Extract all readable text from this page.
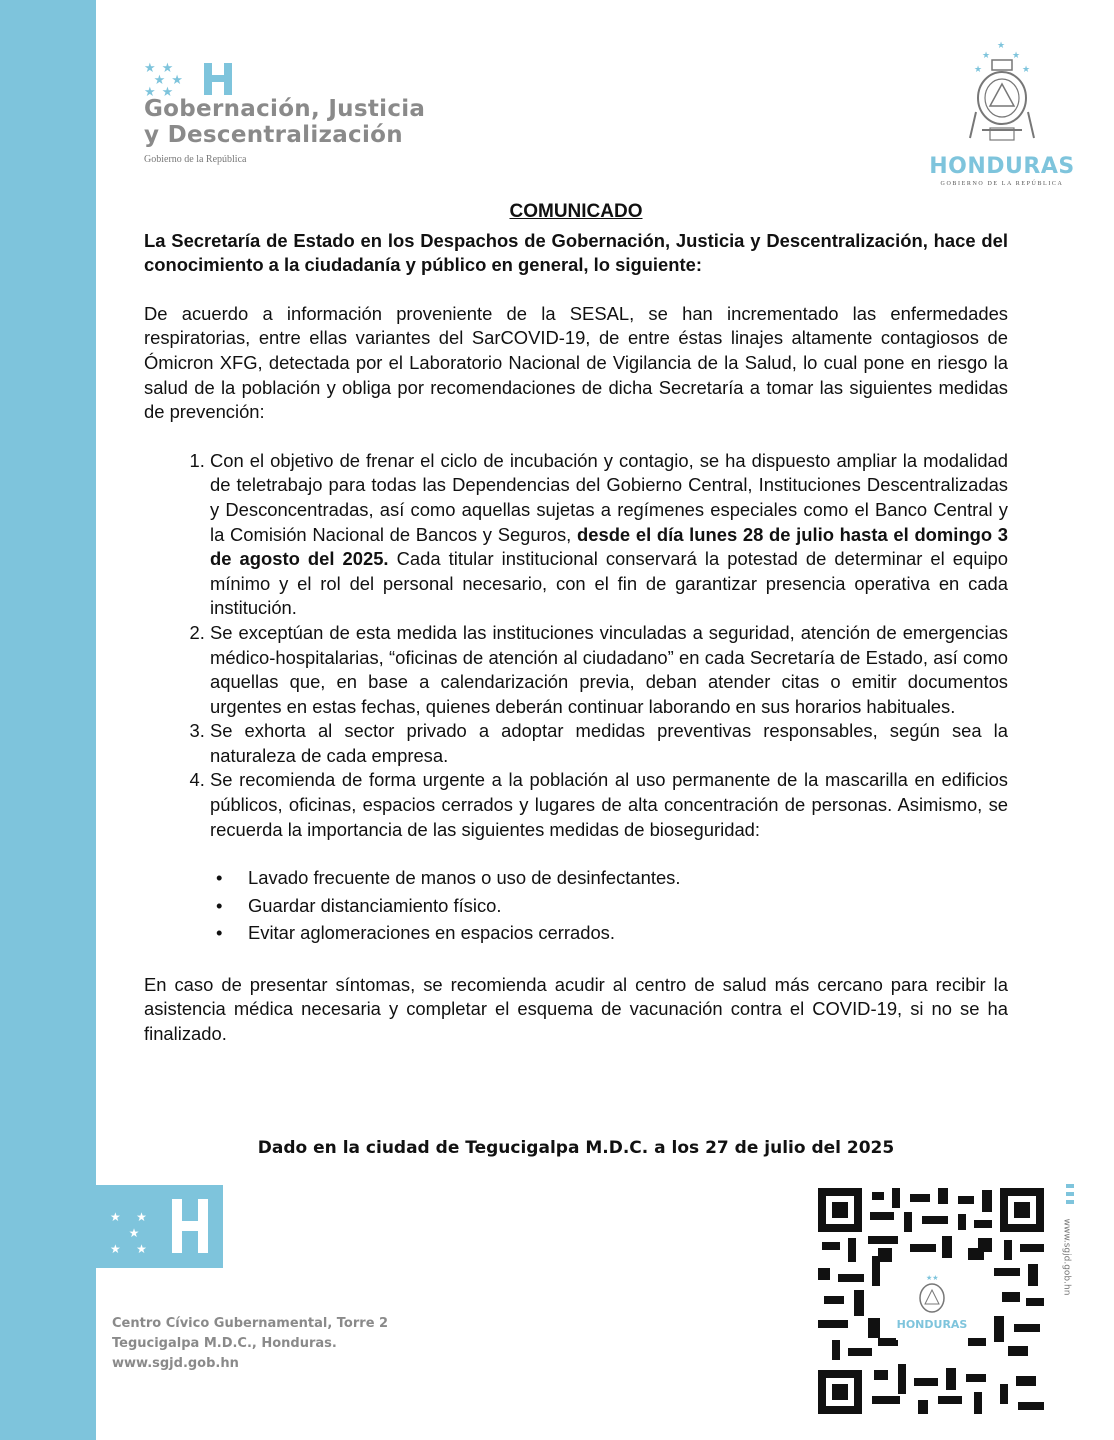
★★
★★
★★
Gobernación, Justicia
y Descentralización
Gobierno de la República
★
★ ★
★	★
HONDURAS
GOBIERNO DE LA REPÚBLICA
COMUNICADO

La Secretaría de Estado en los Despachos de Gobernación, Justicia y Descentralización, hace del conocimiento a la ciudadanía y público en general, lo siguiente:

De acuerdo a información proveniente de la SESAL, se han incrementado las enfermedades respiratorias, entre ellas variantes del SarCOVID-19, de entre éstas linajes altamente contagiosos de Ómicron XFG, detectada por el Laboratorio Nacional de Vigilancia de la Salud, lo cual pone en riesgo la salud de la población y obliga por recomendaciones de dicha Secretaría a tomar las siguientes medidas de prevención:

1. Con el objetivo de frenar el ciclo de incubación y contagio, se ha dispuesto ampliar la modalidad de teletrabajo para todas las Dependencias del Gobierno Central, Instituciones Descentralizadas y Desconcentradas, así como aquellas sujetas a regímenes especiales como el Banco Central y la Comisión Nacional de Bancos y Seguros, desde el día lunes 28 de julio hasta el domingo 3 de agosto del 2025. Cada titular institucional conservará la potestad de determinar el equipo mínimo y el rol del personal necesario, con el fin de garantizar presencia operativa en cada institución.
2. Se exceptúan de esta medida las instituciones vinculadas a seguridad, atención de emergencias médico-hospitalarias, “oficinas de atención al ciudadano” en cada Secretaría de Estado, así como aquellas que, en base a calendarización previa, deban atender citas o emitir documentos urgentes en estas fechas, quienes deberán continuar laborando en sus horarios habituales.
3. Se exhorta al sector privado a adoptar medidas preventivas responsables, según sea la naturaleza de cada empresa.
4. Se recomienda de forma urgente a la población al uso permanente de la mascarilla en edificios públicos, oficinas, espacios cerrados y lugares de alta concentración de personas. Asimismo, se recuerda la importancia de las siguientes medidas de bioseguridad:
• Lavado frecuente de manos o uso de desinfectantes.
• Guardar distanciamiento físico.
• Evitar aglomeraciones en espacios cerrados.

En caso de presentar síntomas, se recomienda acudir al centro de salud más cercano para recibir la asistencia médica necesaria y completar el esquema de vacunación contra el COVID-19, si no se ha finalizado.

Dado en la ciudad de Tegucigalpa M.D.C. a los 27 de julio del 2025
★ ★
★
★ ★
Centro Cívico Gubernamental, Torre 2
Tegucigalpa M.D.C., Honduras.
www.sgjd.gob.hn
★★
HONDURAS
www.sgjd.gob.hn
